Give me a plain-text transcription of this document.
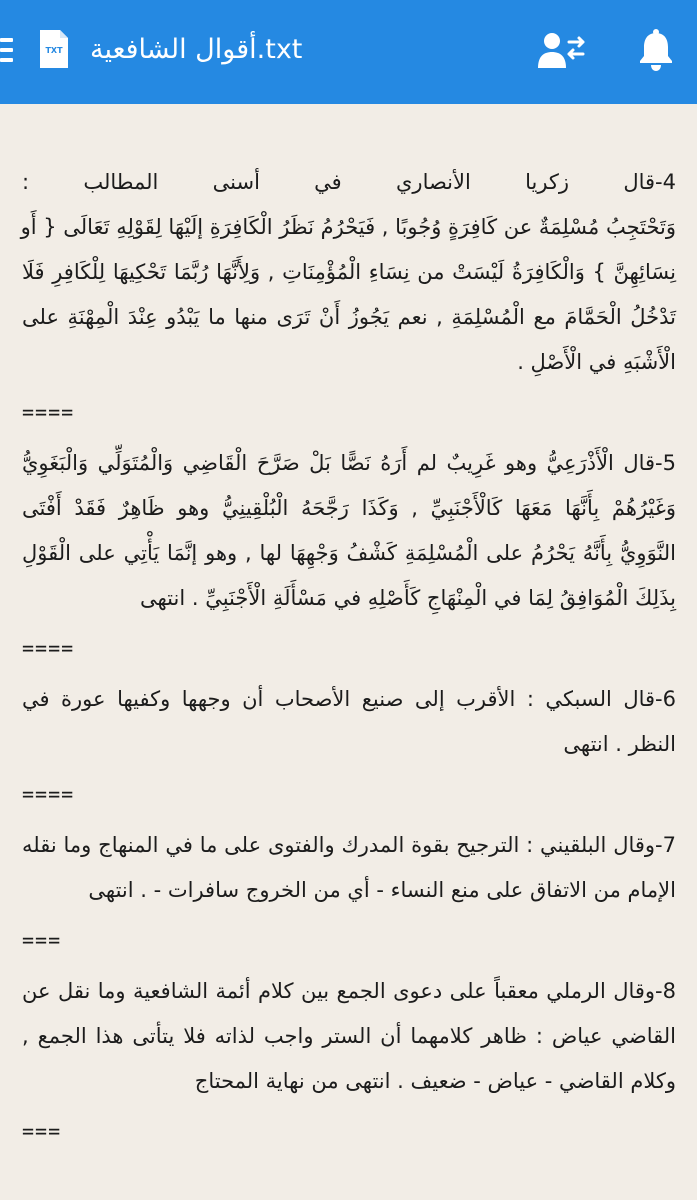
TXT أقوال الشافعية.txt
4-قال زكريا الأنصاري في أسنى المطالب :
وَتَحْتَجِبُ مُسْلِمَةٌ عن كَافِرَةٍ وُجُوبًا , فَيَحْرُمُ نَظَرُ الْكَافِرَةِ إلَيْهَا لِقَوْلِهِ تَعَالَى { أَو
نِسَائِهِنَّ } وَالْكَافِرَةُ لَيْسَتْ من نِسَاءِ الْمُؤْمِنَاتِ , وَلِأَنَّهَا رُبَّمَا تَحْكِيهَا لِلْكَافِرِ فَلَا
تَدْخُلُ الْحَمَّامَ مع الْمُسْلِمَةِ , نعم يَجُوزُ أَنْ تَرَى منها ما يَبْدُو عِنْدَ الْمِهْنَةِ على
الْأَشْبَهِ في الْأَصْلِ .
====
5-قال الْأَذْرَعِيُّ وهو غَرِيبٌ لم أَرَهُ نَصًّا بَلْ صَرَّحَ الْقَاضِي وَالْمُتَوَلِّي وَالْبَغَوِيُّ
وَغَيْرُهُمْ بِأَنَّهَا مَعَهَا كَالْأَجْنَبِيِّ , وَكَذَا رَجَّحَهُ الْبُلْقِينِيُّ وهو ظَاهِرٌ فَقَدْ أَفْتَى
النَّوَوِيُّ بِأَنَّهُ يَحْرُمُ على الْمُسْلِمَةِ كَشْفُ وَجْهِهَا لها , وهو إنَّمَا يَأْتِي على الْقَوْلِ
بِذَلِكَ الْمُوَافِقُ لِمَا في الْمِنْهَاجِ كَأَصْلِهِ في مَسْأَلَةِ الْأَجْنَبِيِّ . انتهى
====
6-قال السبكي : الأقرب إلى صنيع الأصحاب أن وجهها وكفيها عورة في
النظر . انتهى
====
7-وقال البلقيني : الترجيح بقوة المدرك والفتوى على ما في المنهاج وما نقله
الإمام من الاتفاق على منع النساء - أي من الخروج سافرات - . انتهى
===
8-وقال الرملي معقباً على دعوى الجمع بين كلام أئمة الشافعية وما نقل عن
القاضي عياض : ظاهر كلامهما أن الستر واجب لذاته فلا يتأتى هذا الجمع ,
وكلام القاضي - عياض - ضعيف . انتهى من نهاية المحتاج
===
